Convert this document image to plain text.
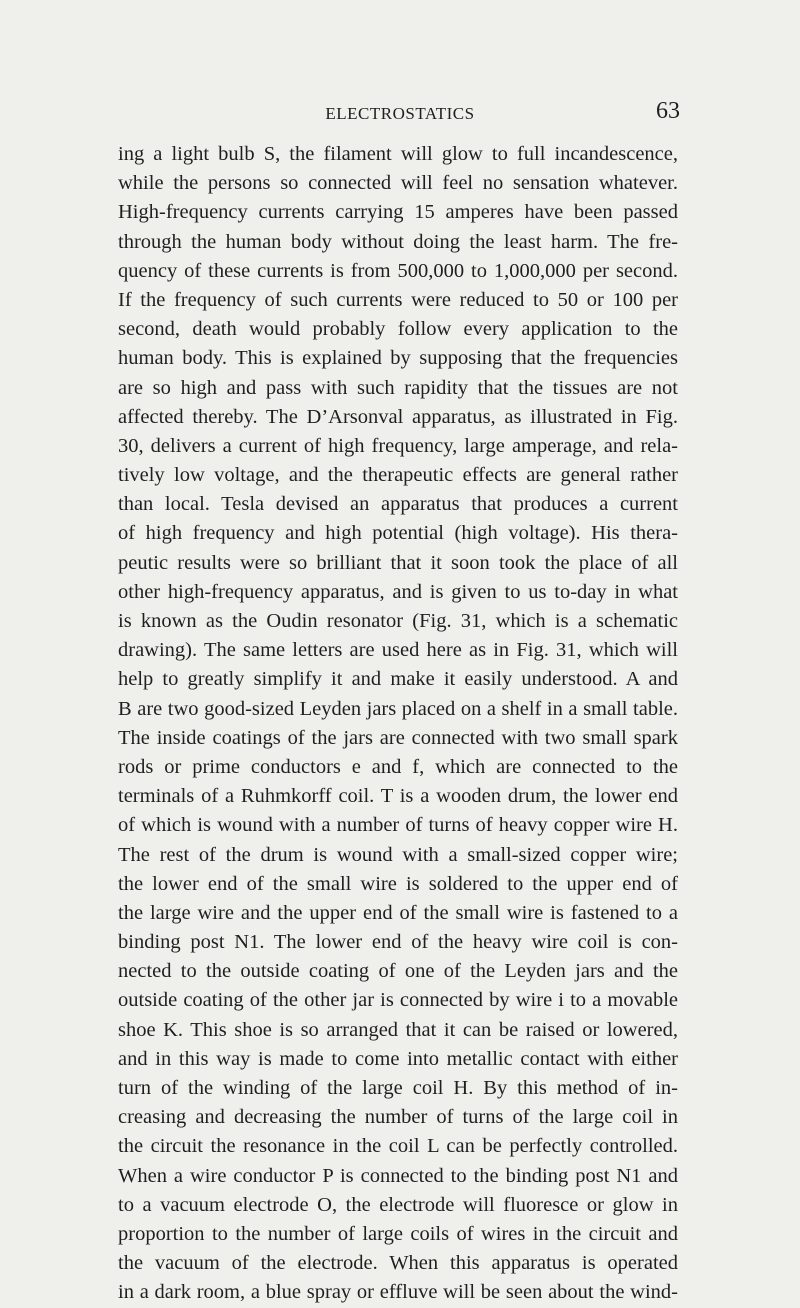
ELECTROSTATICS	63
ing a light bulb S, the filament will glow to full incandescence,
while the persons so connected will feel no sensation whatever.
High-frequency currents carrying 15 amperes have been passed
through the human body without doing the least harm. The fre-
quency of these currents is from 500,000 to 1,000,000 per second.
If the frequency of such currents were reduced to 50 or 100 per
second, death would probably follow every application to the
human body. This is explained by supposing that the frequencies
are so high and pass with such rapidity that the tissues are not
affected thereby. The D’Arsonval apparatus, as illustrated in Fig.
30, delivers a current of high frequency, large amperage, and rela-
tively low voltage, and the therapeutic effects are general rather
than local. Tesla devised an apparatus that produces a current
of high frequency and high potential (high voltage). His thera-
peutic results were so brilliant that it soon took the place of all
other high-frequency apparatus, and is given to us to-day in what
is known as the Oudin resonator (Fig. 31, which is a schematic
drawing). The same letters are used here as in Fig. 31, which will
help to greatly simplify it and make it easily understood. A and
B are two good-sized Leyden jars placed on a shelf in a small table.
The inside coatings of the jars are connected with two small spark
rods or prime conductors e and f, which are connected to the
terminals of a Ruhmkorff coil. T is a wooden drum, the lower end
of which is wound with a number of turns of heavy copper wire H.
The rest of the drum is wound with a small-sized copper wire;
the lower end of the small wire is soldered to the upper end of
the large wire and the upper end of the small wire is fastened to a
binding post N1. The lower end of the heavy wire coil is con-
nected to the outside coating of one of the Leyden jars and the
outside coating of the other jar is connected by wire i to a movable
shoe K. This shoe is so arranged that it can be raised or lowered,
and in this way is made to come into metallic contact with either
turn of the winding of the large coil H. By this method of in-
creasing and decreasing the number of turns of the large coil in
the circuit the resonance in the coil L can be perfectly controlled.
When a wire conductor P is connected to the binding post N1 and
to a vacuum electrode O, the electrode will fluoresce or glow in
proportion to the number of large coils of wires in the circuit and
the vacuum of the electrode. When this apparatus is operated
in a dark room, a blue spray or effluve will be seen about the wind-
